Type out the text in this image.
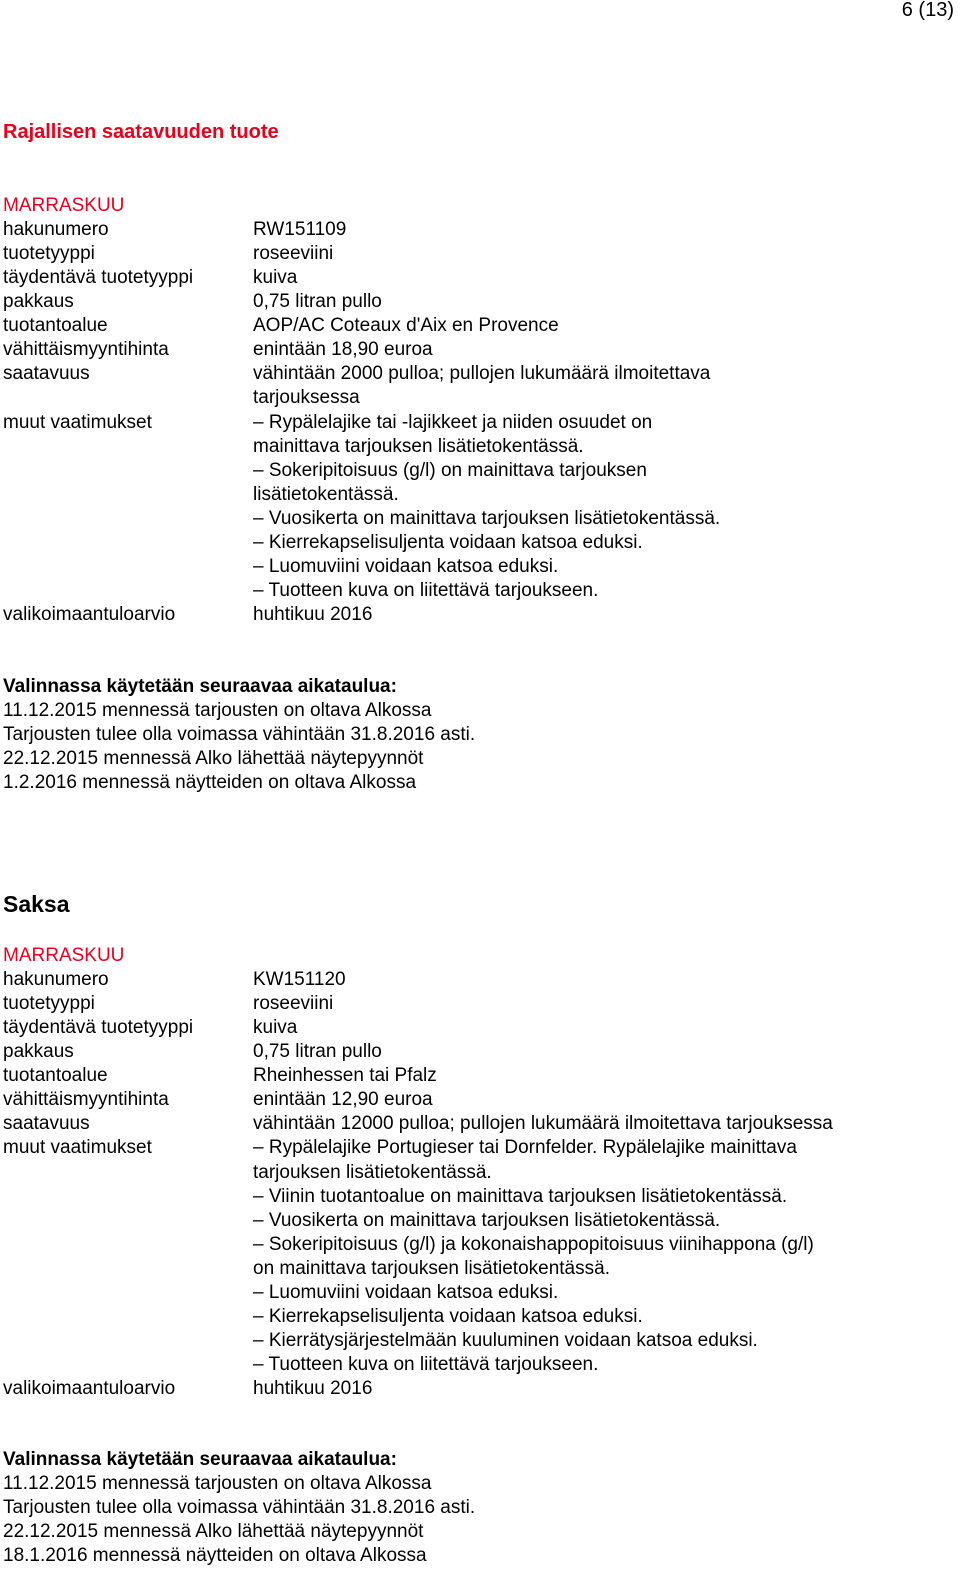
6 (13)
Rajallisen saatavuuden tuote
MARRASKUU
hakunumero	RW151109
tuotetyyppi	roseeviini
täydentävä tuotetyyppi	kuiva
pakkaus	0,75 litran pullo
tuotantoalue	AOP/AC Coteaux d'Aix en Provence
vähittäismyyntihinta	enintään 18,90 euroa
saatavuus	vähintään 2000 pulloa; pullojen lukumäärä ilmoitettava
tarjouksessa
muut vaatimukset	– Rypälelajike tai -lajikkeet ja niiden osuudet on
mainittava tarjouksen lisätietokentässä.
– Sokeripitoisuus (g/l) on mainittava tarjouksen
lisätietokentässä.
– Vuosikerta on mainittava tarjouksen lisätietokentässä.
– Kierrekapselisuljenta voidaan katsoa eduksi.
– Luomuviini voidaan katsoa eduksi.
– Tuotteen kuva on liitettävä tarjoukseen.
valikoimaantuloarvio	huhtikuu 2016
Valinnassa käytetään seuraavaa aikataulua:
11.12.2015 mennessä tarjousten on oltava Alkossa
Tarjousten tulee olla voimassa vähintään 31.8.2016 asti.
22.12.2015 mennessä Alko lähettää näytepyynnöt
1.2.2016 mennessä näytteiden on oltava Alkossa
Saksa
MARRASKUU
hakunumero	KW151120
tuotetyyppi	roseeviini
täydentävä tuotetyyppi	kuiva
pakkaus	0,75 litran pullo
tuotantoalue	Rheinhessen tai Pfalz
vähittäismyyntihinta	enintään 12,90 euroa
saatavuus	vähintään 12000 pulloa; pullojen lukumäärä ilmoitettava tarjouksessa
muut vaatimukset	– Rypälelajike Portugieser tai Dornfelder. Rypälelajike mainittava
tarjouksen lisätietokentässä.
– Viinin tuotantoalue on mainittava tarjouksen lisätietokentässä.
– Vuosikerta on mainittava tarjouksen lisätietokentässä.
– Sokeripitoisuus (g/l) ja kokonaishappopitoisuus viinihappona (g/l)
on mainittava tarjouksen lisätietokentässä.
– Luomuviini voidaan katsoa eduksi.
– Kierrekapselisuljenta voidaan katsoa eduksi.
– Kierrätysjärjestelmään kuuluminen voidaan katsoa eduksi.
– Tuotteen kuva on liitettävä tarjoukseen.
valikoimaantuloarvio	huhtikuu 2016
Valinnassa käytetään seuraavaa aikataulua:
11.12.2015 mennessä tarjousten on oltava Alkossa
Tarjousten tulee olla voimassa vähintään 31.8.2016 asti.
22.12.2015 mennessä Alko lähettää näytepyynnöt
18.1.2016 mennessä näytteiden on oltava Alkossa
